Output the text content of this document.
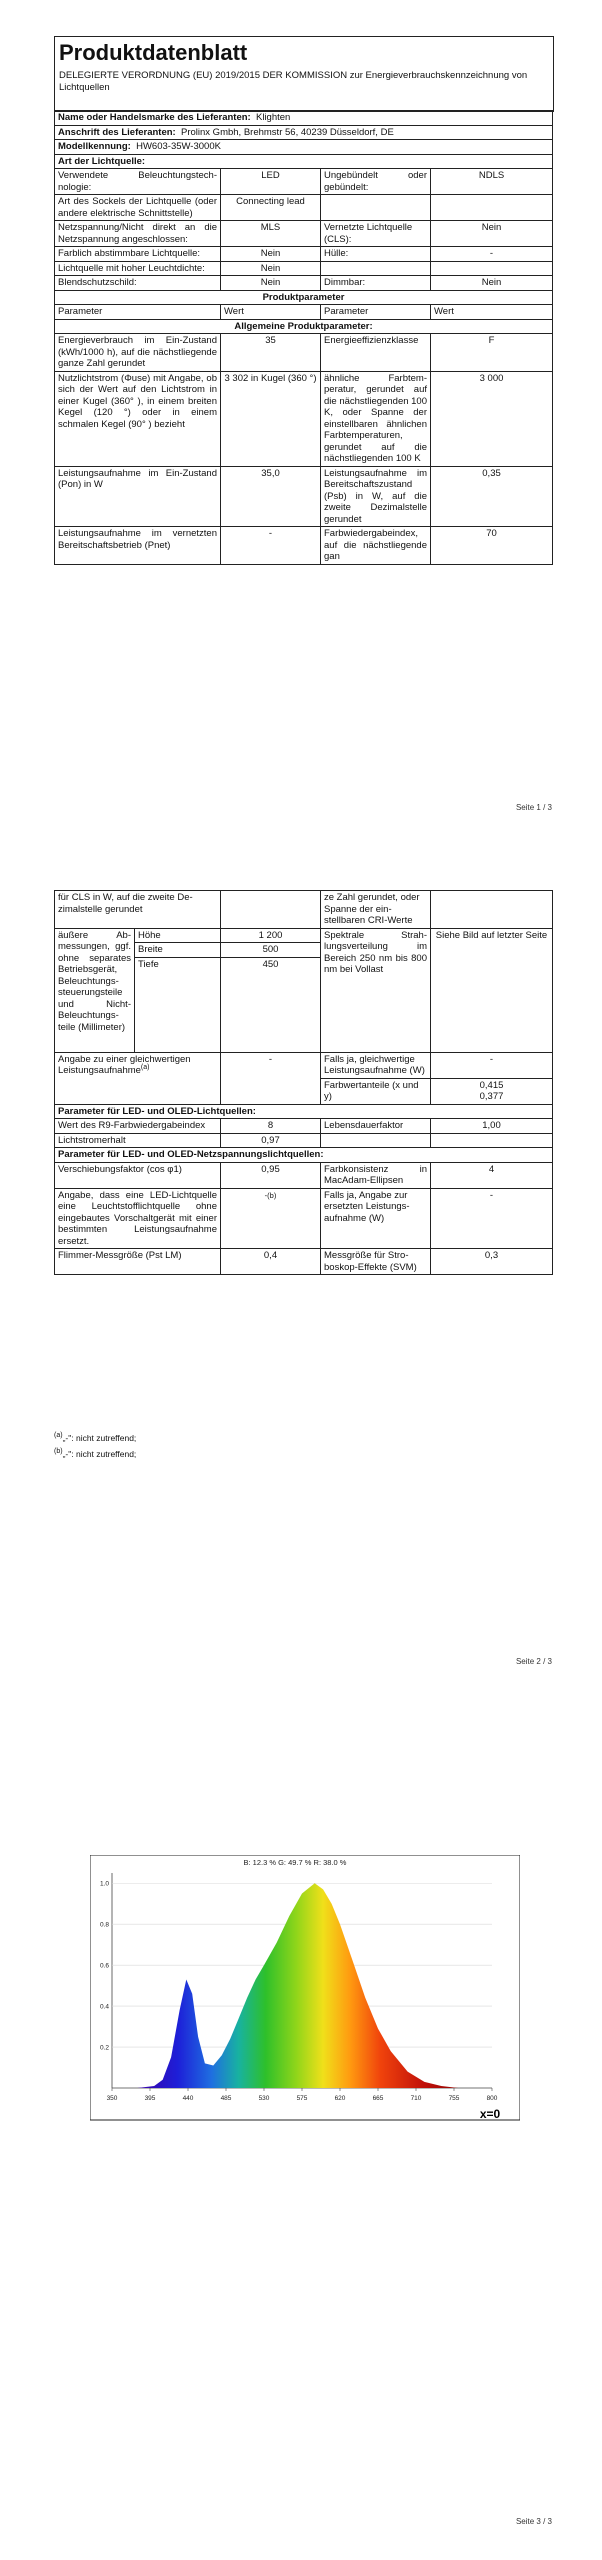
Produktdatenblatt
DELEGIERTE VERORDNUNG (EU) 2019/2015 DER KOMMISSION zur Energieverbrauchskennzeichnung von Lichtquellen
Name oder Handelsmarke des Lieferanten: Klighten			
Anschrift des Lieferanten: Prolinx Gmbh, Brehmstr 56, 40239 Düsseldorf, DE			
Modellkennung: HW603-35W-3000K			
Art der Lichtquelle:			
Verwendete Beleuchtungstechnologie:	LED	Ungebündelt oder gebündelt:	NDLS
Art des Sockels der Lichtquelle (oder andere elektrische Schnittstelle)	Connecting lead		
Netzspannung/Nicht direkt an die Netzspannung angeschlossen:	MLS	Vernetzte Lichtquelle (CLS):	Nein
Farblich abstimmbare Lichtquelle:	Nein	Hülle:	-
Lichtquelle mit hoher Leuchtdichte:	Nein		
Blendschutzschild:	Nein	Dimmbar:	Nein
Produktparameter			
Parameter	Wert	Parameter	Wert
Allgemeine Produktparameter:			
Energieverbrauch im Ein-Zustand (kWh/1000 h), auf die nächstliegende ganze Zahl gerundet	35	Energieeffizienzklasse	F
Nutzlichtstrom (Φuse) mit Angabe, ob sich der Wert auf den Lichtstrom in einer Kugel (360° ), in einem breiten Kegel (120 °) oder in einem schmalen Kegel (90° ) bezieht	3 302 in Kugel (360 °)	ähnliche Farbtemperatur, gerundet auf die nächstliegenden 100 K, oder Spanne der einstellbaren ähnlichen Farbtemperaturen, gerundet auf die nächstliegenden 100 K	3 000
Leistungsaufnahme im Ein-Zustand (Pon) in W	35,0	Leistungsaufnahme im Bereitschaftszustand (Psb) in W, auf die zweite Dezimalstelle gerundet	0,35
Leistungsaufnahme im vernetzten Bereitschaftsbetrieb (Pnet)	-	Farbwiedergabeindex, auf die nächstliegende gan	70
Seite 1 / 3
für CLS in W, auf die zweite Dezimalstelle gerundet			ze Zahl gerundet, oder Spanne der einstellbaren CRI-Werte	
äußere Abmessungen, ggf. ohne separates Betriebsgerät, Beleuchtungssteuerungsteile und Nicht-Beleuchtungsteile (Millimeter)	Höhe	1 200	Spektrale Strahlungsverteilung im Bereich 250 nm bis 800 nm bei Vollast	Siehe Bild auf letzter Seite
	Breite	500		
	Tiefe	450		
Angabe zu einer gleichwertigen Leistungsaufnahme$^{(a)}$		-	Falls ja, gleichwertige Leistungsaufnahme (W)	-
			Farbwertanteile (x und y)	0,415
0,377
Parameter für LED- und OLED-Lichtquellen:				
Wert des R9-Farbwiedergabeindex		8	Lebensdauerfaktor	1,00
Lichtstromerhalt		0,97		
Parameter für LED- und OLED-Netzspannungslichtquellen:				
Verschiebungsfaktor (cos φ1)		0,95	Farbkonsistenz in MacAdam-Ellipsen	4
Angabe, dass eine LED-Lichtquelle eine Leuchtstofflichtquelle ohne eingebautes Vorschaltgerät mit einer bestimmten Leistungsaufnahme ersetzt.		-(b)	Falls ja, Angabe zur ersetzten Leistungsaufnahme (W)	-
Flimmer-Messgröße (Pst LM)		0,4	Messgröße für Stroboskop-Effekte (SVM)	0,3
$^{(a)}$„-": nicht zutreffend;
$^{(b)}$„-": nicht zutreffend;
Seite 2 / 3
B: 12.3 % G: 49.7 % R: 38.0 %
0.2
0.4
0.6
0.8
1.0
350	395	440	485	530	575	620	665	710	755	800
x=0
Seite 3 / 3
